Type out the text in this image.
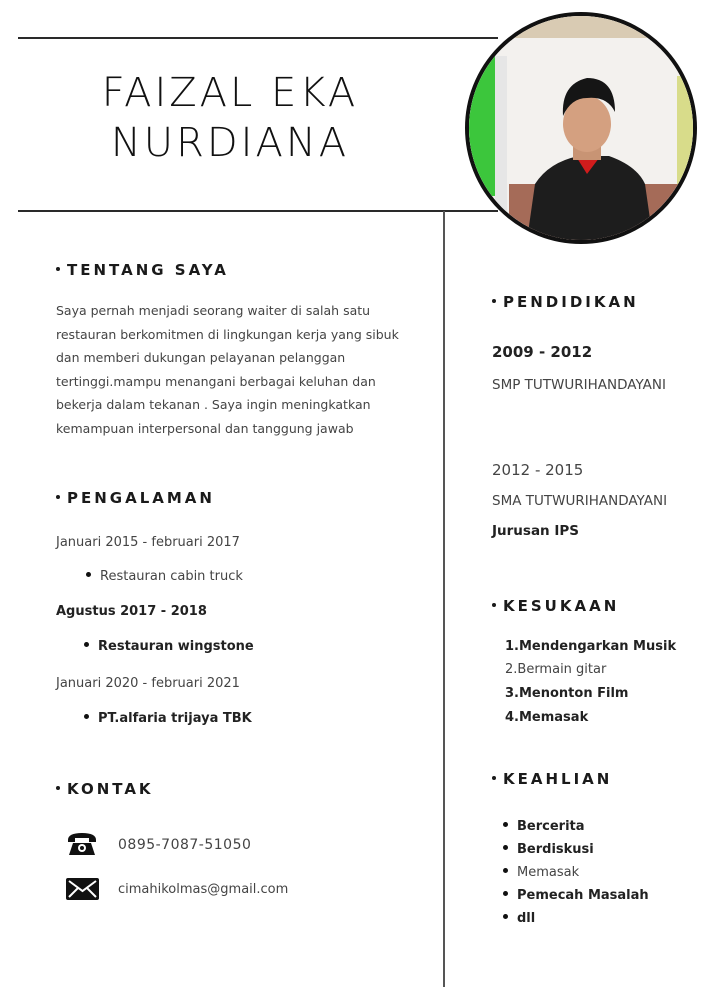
FAIZAL EKA
NURDIANA
TENTANG SAYA
Saya pernah menjadi seorang waiter di salah satu restauran berkomitmen di lingkungan kerja yang sibuk dan memberi dukungan pelayanan pelanggan tertinggi.mampu menangani berbagai keluhan dan bekerja dalam tekanan . Saya ingin meningkatkan kemampuan interpersonal dan tanggung jawab
PENGALAMAN
Januari 2015 - februari 2017
Restauran cabin truck
Agustus 2017 - 2018
Restauran wingstone
Januari 2020 - februari 2021
PT.alfaria trijaya TBK
KONTAK
0895-7087-51050
cimahikolmas@gmail.com
PENDIDIKAN
2009 - 2012
SMP TUTWURIHANDAYANI
2012 - 2015
SMA TUTWURIHANDAYANI
Jurusan IPS
KESUKAAN
1.Mendengarkan Musik
2.Bermain gitar
3.Menonton Film
4.Memasak
KEAHLIAN
Bercerita
Berdiskusi
Memasak
Pemecah Masalah
dll
